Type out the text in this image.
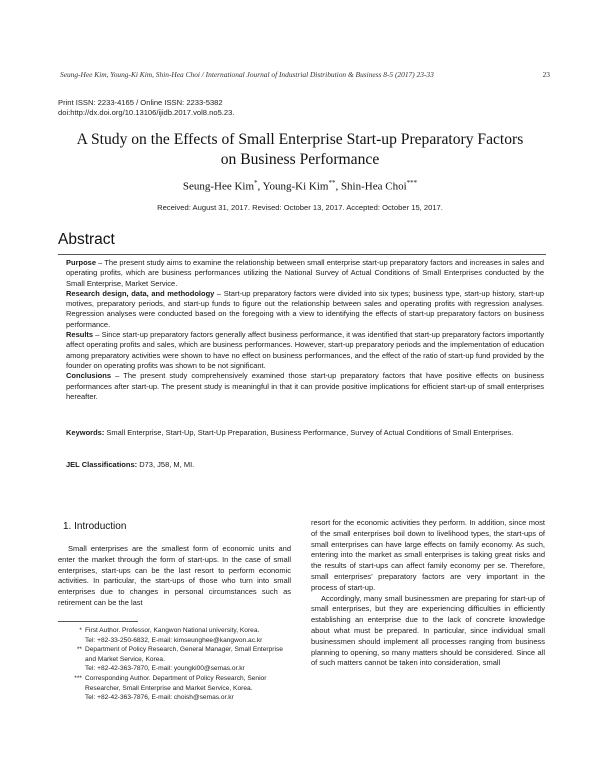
Seung-Hee Kim, Young-Ki Kim, Shin-Hea Choi / International Journal of Industrial Distribution & Business 8-5 (2017) 23-33	23
Print ISSN: 2233-4165 / Online ISSN: 2233-5382
doi:http://dx.doi.org/10.13106/ijidb.2017.vol8.no5.23.
A Study on the Effects of Small Enterprise Start-up Preparatory Factors
on Business Performance
Seung-Hee Kim*, Young-Ki Kim**, Shin-Hea Choi***
Received: August 31, 2017. Revised: October 13, 2017. Accepted: October 15, 2017.
Abstract

Purpose – The present study aims to examine the relationship between small enterprise start-up preparatory factors and increases in sales and operating profits, which are business performances utilizing the National Survey of Actual Conditions of Small Enterprises conducted by the Small Enterprise, Market Service.

Research design, data, and methodology – Start-up preparatory factors were divided into six types; business type, start-up history, start-up motives, preparatory periods, and start-up funds to figure out the relationship between sales and operating profits with regression analyses. Regression analyses were conducted based on the foregoing with a view to identifying the effects of start-up preparatory factors on business performance.

Results – Since start-up preparatory factors generally affect business performance, it was identified that start-up preparatory factors importantly affect operating profits and sales, which are business performances. However, start-up preparatory periods and the implementation of education among preparatory activities were shown to have no effect on business performances, and the effect of the ratio of start-up fund provided by the founder on operating profits was shown to be not significant.

Conclusions – The present study comprehensively examined those start-up preparatory factors that have positive effects on business performances after start-up. The present study is meaningful in that it can provide positive implications for efficient start-up of small enterprises hereafter.

Keywords: Small Enterprise, Start-Up, Start-Up Preparation, Business Performance, Survey of Actual Conditions of Small Enterprises.
JEL Classifications: D73, J58, M, MI.
1. Introduction

Small enterprises are the smallest form of economic units and enter the market through the form of start-ups. In the case of small enterprises, start-ups can be the last resort to perform economic activities. In particular, the start-ups of those who turn into small enterprises due to changes in personal circumstances such as retirement can be the last

* First Author. Professor, Kangwon National university, Korea.
Tel: +82-33-250-6832, E-mail: kimseunghee@kangwon.ac.kr
** Department of Policy Research, General Manager, Small Enterprise
and Market Service, Korea.
Tel: +82-42-363-7870, E-mail: youngki00@semas.or.kr
*** Corresponding Author. Department of Policy Research, Senior
Researcher, Small Enterprise and Market Service, Korea.
Tel: +82-42-363-7876, E-mail: choish@semas.or.kr

resort for the economic activities they perform. In addition, since most of the small enterprises boil down to livelihood types, the start-ups of small enterprises can have large effects on family economy. As such, entering into the market as small enterprises is taking great risks and the results of start-ups can affect family economy per se. Therefore, small enterprises’ preparatory factors are very important in the process of start-up.

Accordingly, many small businessmen are preparing for start-up of small enterprises, but they are experiencing difficulties in efficiently establishing an enterprise due to the lack of concrete knowledge about what must be prepared. In particular, since individual small businessmen should implement all processes ranging from business planning to opening, so many matters should be considered. Since all of such matters cannot be taken into consideration, small
